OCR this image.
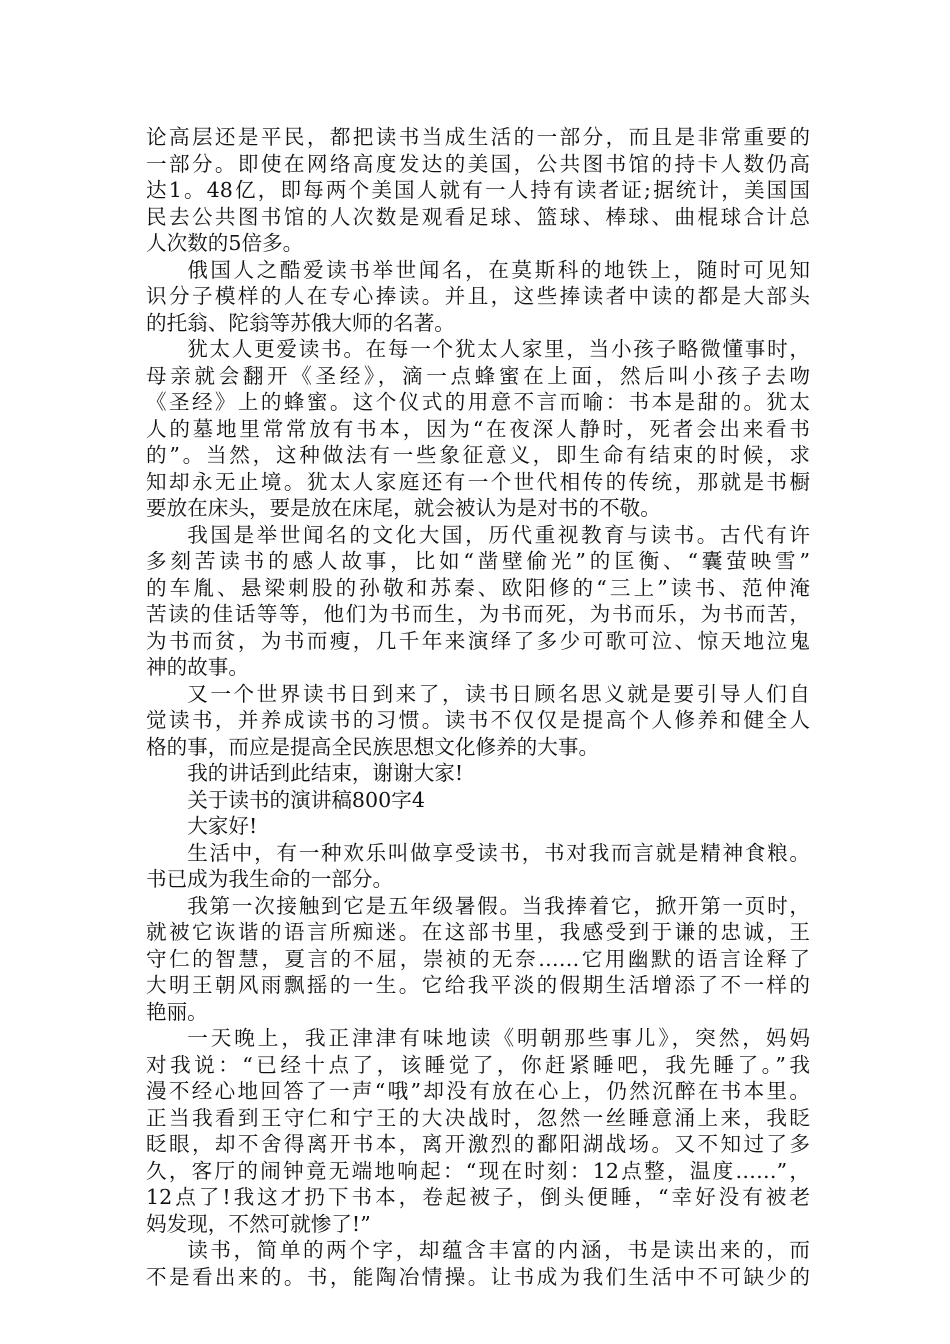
论高层还是平民，都把读书当成生活的一部分，而且是非常重要的
一部分。即使在网络高度发达的美国，公共图书馆的持卡人数仍高
达1。48亿，即每两个美国人就有一人持有读者证;据统计，美国国
民去公共图书馆的人次数是观看足球、篮球、棒球、曲棍球合计总
人次数的5倍多。
俄国人之酷爱读书举世闻名，在莫斯科的地铁上，随时可见知
识分子模样的人在专心捧读。并且，这些捧读者中读的都是大部头
的托翁、陀翁等苏俄大师的名著。
犹太人更爱读书。在每一个犹太人家里，当小孩子略微懂事时，
母亲就会翻开《圣经》，滴一点蜂蜜在上面，然后叫小孩子去吻
《圣经》上的蜂蜜。这个仪式的用意不言而喻：书本是甜的。犹太
人的墓地里常常放有书本，因为“在夜深人静时，死者会出来看书
的”。当然，这种做法有一些象征意义，即生命有结束的时候，求
知却永无止境。犹太人家庭还有一个世代相传的传统，那就是书橱
要放在床头，要是放在床尾，就会被认为是对书的不敬。
我国是举世闻名的文化大国，历代重视教育与读书。古代有许
多刻苦读书的感人故事，比如“凿壁偷光”的匡衡、“囊萤映雪”
的车胤、悬梁刺股的孙敬和苏秦、欧阳修的“三上”读书、范仲淹
苦读的佳话等等，他们为书而生，为书而死，为书而乐，为书而苦，
为书而贫，为书而瘦，几千年来演绎了多少可歌可泣、惊天地泣鬼
神的故事。
又一个世界读书日到来了，读书日顾名思义就是要引导人们自
觉读书，并养成读书的习惯。读书不仅仅是提高个人修养和健全人
格的事，而应是提高全民族思想文化修养的大事。
我的讲话到此结束，谢谢大家!
关于读书的演讲稿800字4
大家好!
生活中，有一种欢乐叫做享受读书，书对我而言就是精神食粮。
书已成为我生命的一部分。
我第一次接触到它是五年级暑假。当我捧着它，掀开第一页时，
就被它诙谐的语言所痴迷。在这部书里，我感受到于谦的忠诚，王
守仁的智慧，夏言的不屈，崇祯的无奈……它用幽默的语言诠释了
大明王朝风雨飘摇的一生。它给我平淡的假期生活增添了不一样的
艳丽。
一天晚上，我正津津有味地读《明朝那些事儿》，突然，妈妈
对我说：“已经十点了，该睡觉了，你赶紧睡吧，我先睡了。”我
漫不经心地回答了一声“哦”却没有放在心上，仍然沉醉在书本里。
正当我看到王守仁和宁王的大决战时，忽然一丝睡意涌上来，我眨
眨眼，却不舍得离开书本，离开激烈的鄱阳湖战场。又不知过了多
久，客厅的闹钟竟无端地响起：“现在时刻：12点整，温度……”，
12点了!我这才扔下书本，卷起被子，倒头便睡，“幸好没有被老
妈发现，不然可就惨了!”
读书，简单的两个字，却蕴含丰富的内涵，书是读出来的，而
不是看出来的。书，能陶冶情操。让书成为我们生活中不可缺少的
